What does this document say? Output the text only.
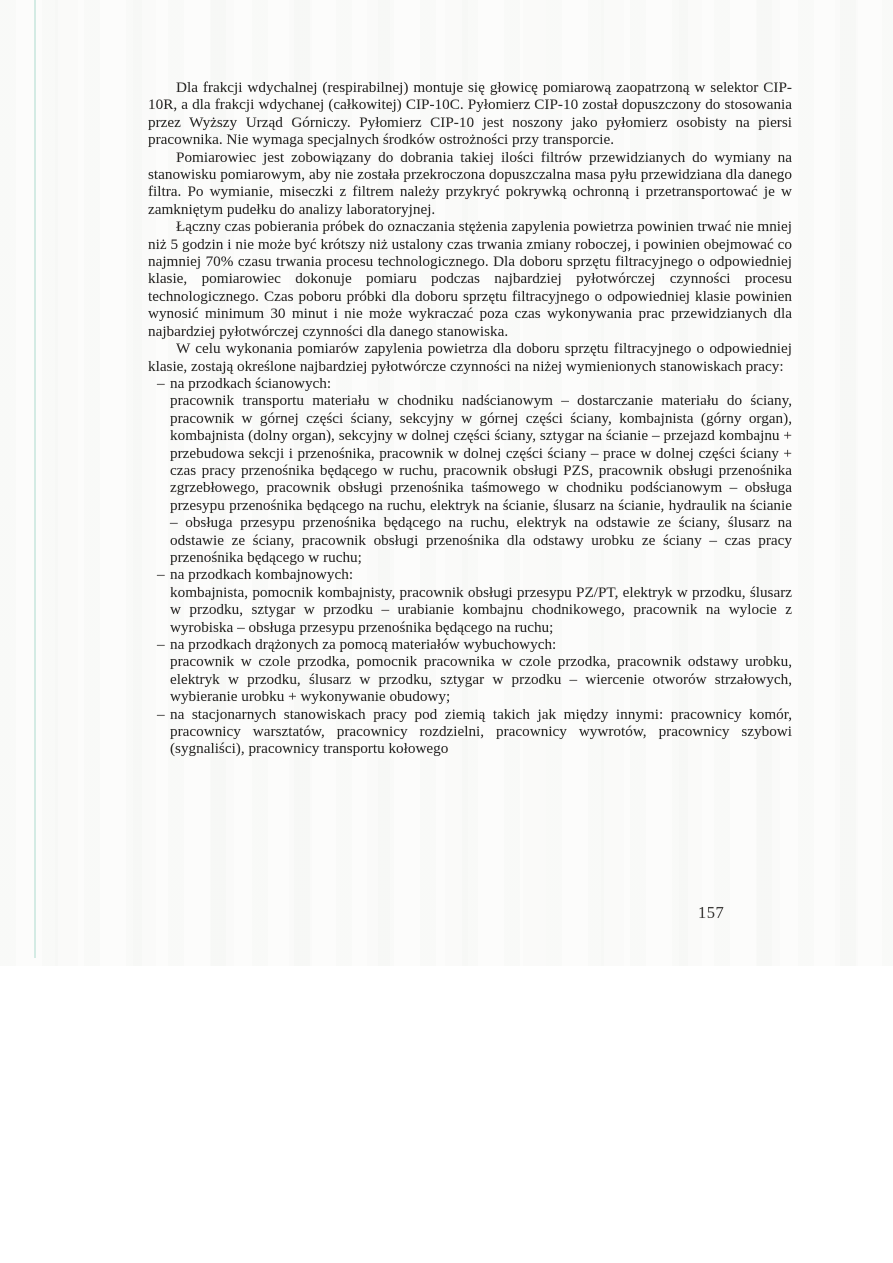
Dla frakcji wdychalnej (respirabilnej) montuje się głowicę pomiarową zaopatrzoną w selektor CIP-10R, a dla frakcji wdychanej (całkowitej) CIP-10C. Pyłomierz CIP-10 został dopuszczony do stosowania przez Wyższy Urząd Górniczy. Pyłomierz CIP-10 jest noszony jako pyłomierz osobisty na piersi pracownika. Nie wymaga specjalnych środków ostrożności przy transporcie.

Pomiarowiec jest zobowiązany do dobrania takiej ilości filtrów przewidzianych do wymiany na stanowisku pomiarowym, aby nie została przekroczona dopuszczalna masa pyłu przewidziana dla danego filtra. Po wymianie, miseczki z filtrem należy przykryć pokrywką ochronną i przetransportować je w zamkniętym pudełku do analizy laboratoryjnej.

Łączny czas pobierania próbek do oznaczania stężenia zapylenia powietrza powinien trwać nie mniej niż 5 godzin i nie może być krótszy niż ustalony czas trwania zmiany roboczej, i powinien obejmować co najmniej 70% czasu trwania procesu technologicznego. Dla doboru sprzętu filtracyjnego o odpowiedniej klasie, pomiarowiec dokonuje pomiaru podczas najbardziej pyłotwórczej czynności procesu technologicznego. Czas poboru próbki dla doboru sprzętu filtracyjnego o odpowiedniej klasie powinien wynosić minimum 30 minut i nie może wykraczać poza czas wykonywania prac przewidzianych dla najbardziej pyłotwórczej czynności dla danego stanowiska.

W celu wykonania pomiarów zapylenia powietrza dla doboru sprzętu filtracyjnego o odpowiedniej klasie, zostają określone najbardziej pyłotwórcze czynności na niżej wymienionych stanowiskach pracy:

– na przodkach ścianowych:
pracownik transportu materiału w chodniku nadścianowym – dostarczanie materiału do ściany, pracownik w górnej części ściany, sekcyjny w górnej części ściany, kombajnista (górny organ), kombajnista (dolny organ), sekcyjny w dolnej części ściany, sztygar na ścianie – przejazd kombajnu + przebudowa sekcji i przenośnika, pracownik w dolnej części ściany – prace w dolnej części ściany + czas pracy przenośnika będącego w ruchu, pracownik obsługi PZS, pracownik obsługi przenośnika zgrzebłowego, pracownik obsługi przenośnika taśmowego w chodniku podścianowym – obsługa przesypu przenośnika będącego na ruchu, elektryk na ścianie, ślusarz na ścianie, hydraulik na ścianie – obsługa przesypu przenośnika będącego na ruchu, elektryk na odstawie ze ściany, ślusarz na odstawie ze ściany, pracownik obsługi przenośnika dla odstawy urobku ze ściany – czas pracy przenośnika będącego w ruchu;
– na przodkach kombajnowych:
kombajnista, pomocnik kombajnisty, pracownik obsługi przesypu PZ/PT, elektryk w przodku, ślusarz w przodku, sztygar w przodku – urabianie kombajnu chodnikowego, pracownik na wylocie z wyrobiska – obsługa przesypu przenośnika będącego na ruchu;
– na przodkach drążonych za pomocą materiałów wybuchowych:
pracownik w czole przodka, pomocnik pracownika w czole przodka, pracownik odstawy urobku, elektryk w przodku, ślusarz w przodku, sztygar w przodku – wiercenie otworów strzałowych, wybieranie urobku + wykonywanie obudowy;
– na stacjonarnych stanowiskach pracy pod ziemią takich jak między innymi: pracownicy komór, pracownicy warsztatów, pracownicy rozdzielni, pracownicy wywrotów, pracownicy szybowi (sygnaliści), pracownicy transportu kołowego
157
